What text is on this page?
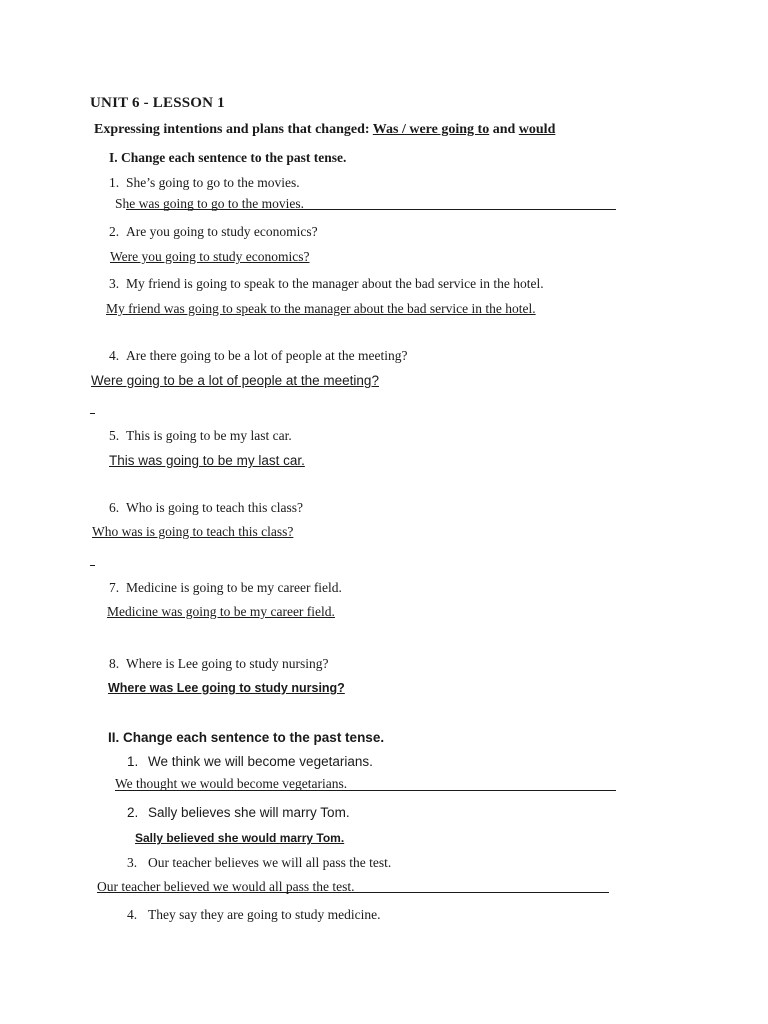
UNIT 6 - LESSON 1
Expressing intentions and plans that changed: Was / were going to and would
I. Change each sentence to the past tense.
1. She’s going to go to the movies.
She was going to go to the movies.
2. Are you going to study economics?
Were you going to study economics?
3. My friend is going to speak to the manager about the bad service in the hotel.
My friend was going to speak to the manager about the bad service in the hotel.
4. Are there going to be a lot of people at the meeting?
Were going to be a lot of people at the meeting?
5. This is going to be my last car.
This was going to be my last car.
6. Who is going to teach this class?
Who was is going to teach this class?
7. Medicine is going to be my career field.
Medicine was going to be my career field.
8. Where is Lee going to study nursing?
Where was Lee going to study nursing?
II. Change each sentence to the past tense.
1. We think we will become vegetarians.
We thought we would become vegetarians.
2. Sally believes she will marry Tom.
Sally believed she would marry Tom.
3. Our teacher believes we will all pass the test.
Our teacher believed we would all pass the test.
4. They say they are going to study medicine.
